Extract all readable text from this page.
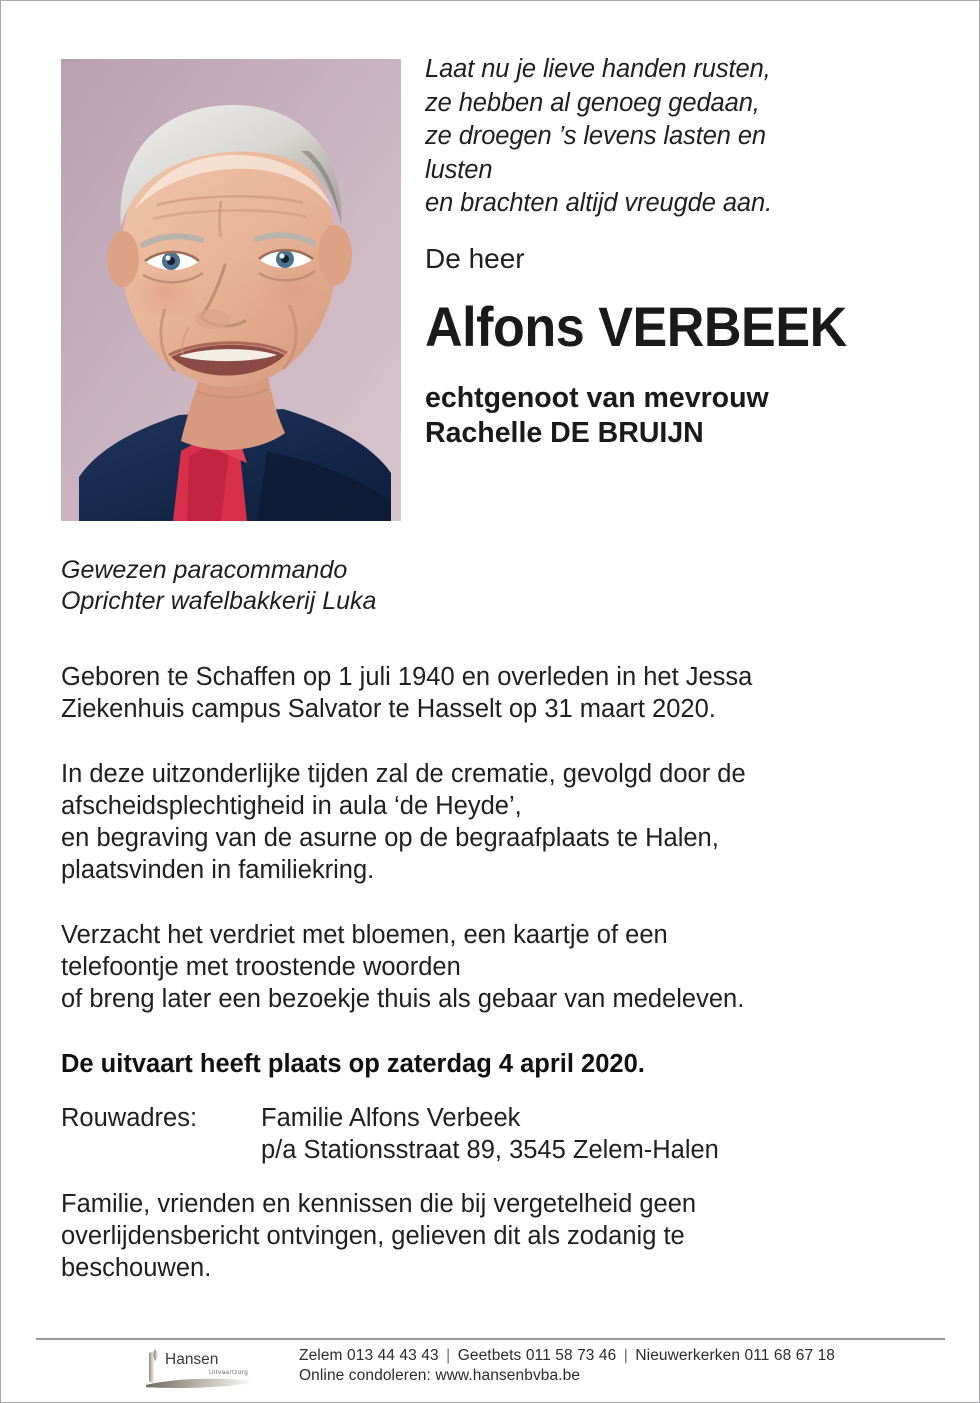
Laat nu je lieve handen rusten,
ze hebben al genoeg gedaan,
ze droegen ’s levens lasten en
lusten
en brachten altijd vreugde aan.
De heer
Alfons VERBEEK
echtgenoot van mevrouw
Rachelle DE BRUIJN
Gewezen paracommando
Oprichter wafelbakkerij Luka
Geboren te Schaffen op 1 juli 1940 en overleden in het Jessa
Ziekenhuis campus Salvator te Hasselt op 31 maart 2020.
In deze uitzonderlijke tijden zal de crematie, gevolgd door de
afscheidsplechtigheid in aula ‘de Heyde’,
en begraving van de asurne op de begraafplaats te Halen,
plaatsvinden in familiekring.
Verzacht het verdriet met bloemen, een kaartje of een
telefoontje met troostende woorden
of breng later een bezoekje thuis als gebaar van medeleven.
De uitvaart heeft plaats op zaterdag 4 april 2020.
Rouwadres:	Familie Alfons Verbeek
p/a Stationsstraat 89, 3545 Zelem-Halen
Familie, vrienden en kennissen die bij vergetelheid geen
overlijdensbericht ontvingen, gelieven dit als zodanig te
beschouwen.
Hansen
Uitvaartzorg
Zelem 013 44 43 43 | Geetbets 011 58 73 46 | Nieuwerkerken 011 68 67 18
Online condoleren: www.hansenbvba.be
